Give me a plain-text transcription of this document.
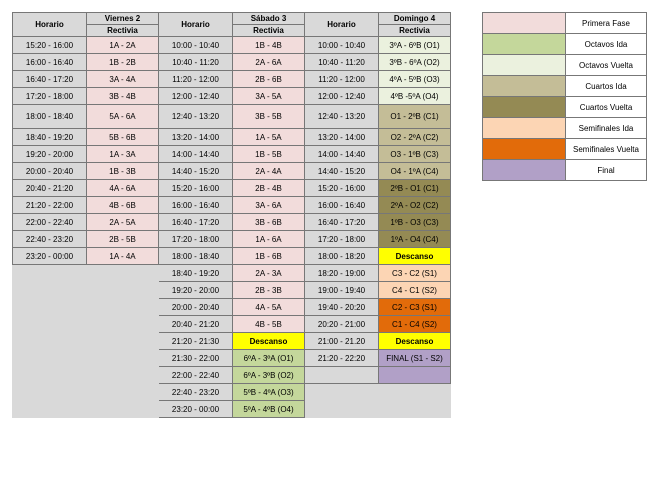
Horario	Viernes 2	Horario	Sábado 3	Horario	Domingo 4
	Rectivia		Rectivia		Rectivia
15:20 - 16:00	1A - 2A	10:00 - 10:40	1B - 4B	10:00 - 10:40	3ºA - 6ºB (O1)
16:00 - 16:40	1B - 2B	10:40 - 11:20	2A - 6A	10:40 - 11:20	3ºB - 6ºA (O2)
16:40 - 17:20	3A - 4A	11:20 - 12:00	2B - 6B	11:20 - 12:00	4ºA - 5ºB (O3)
17:20 - 18:00	3B - 4B	12:00 - 12:40	3A - 5A	12:00 - 12:40	4ºB -5ºA (O4)
18:00 - 18:40	5A - 6A	12:40 - 13:20	3B - 5B	12:40 - 13:20	O1 - 2ºB (C1)
18:40 - 19:20	5B - 6B	13:20 - 14:00	1A - 5A	13:20 - 14:00	O2 - 2ºA (C2)
19:20 - 20:00	1A - 3A	14:00 - 14:40	1B - 5B	14:00 - 14:40	O3 - 1ºB (C3)
20:00 - 20:40	1B - 3B	14:40 - 15:20	2A - 4A	14:40 - 15:20	O4 - 1ºA (C4)
20:40 - 21:20	4A - 6A	15:20 - 16:00	2B - 4B	15:20 - 16:00	2ºB - O1 (C1)
21:20 - 22:00	4B - 6B	16:00 - 16:40	3A - 6A	16:00 - 16:40	2ºA - O2 (C2)
22:00 - 22:40	2A - 5A	16:40 - 17:20	3B - 6B	16:40 - 17:20	1ºB - O3 (C3)
22:40 - 23:20	2B - 5B	17:20 - 18:00	1A - 6A	17:20 - 18:00	1ºA - O4 (C4)
23:20 - 00:00	1A - 4A	18:00 - 18:40	1B - 6B	18:00 - 18:20	Descanso
		18:40 - 19:20	2A - 3A	18:20 - 19:00	C3 - C2 (S1)
		19:20 - 20:00	2B - 3B	19:00 - 19:40	C4 - C1 (S2)
		20:00 - 20:40	4A - 5A	19:40 - 20:20	C2 - C3 (S1)
		20:40 - 21:20	4B - 5B	20:20 - 21:00	C1 - C4 (S2)
		21:20 - 21:30	Descanso	21:00 - 21.20	Descanso
		21:30 - 22:00	6ºA - 3ºA (O1)	21:20 - 22:20	FINAL (S1 - S2)
		22:00 - 22:40	6ºA - 3ºB (O2)		
		22:40 - 23:20	5ºB - 4ºA (O3)		
		23:20 - 00:00	5ºA - 4ºB (O4)		
	Primera Fase
	Octavos Ida
	Octavos Vuelta
	Cuartos Ida
	Cuartos Vuelta
	Semifinales Ida
	Semifinales Vuelta
	Final
